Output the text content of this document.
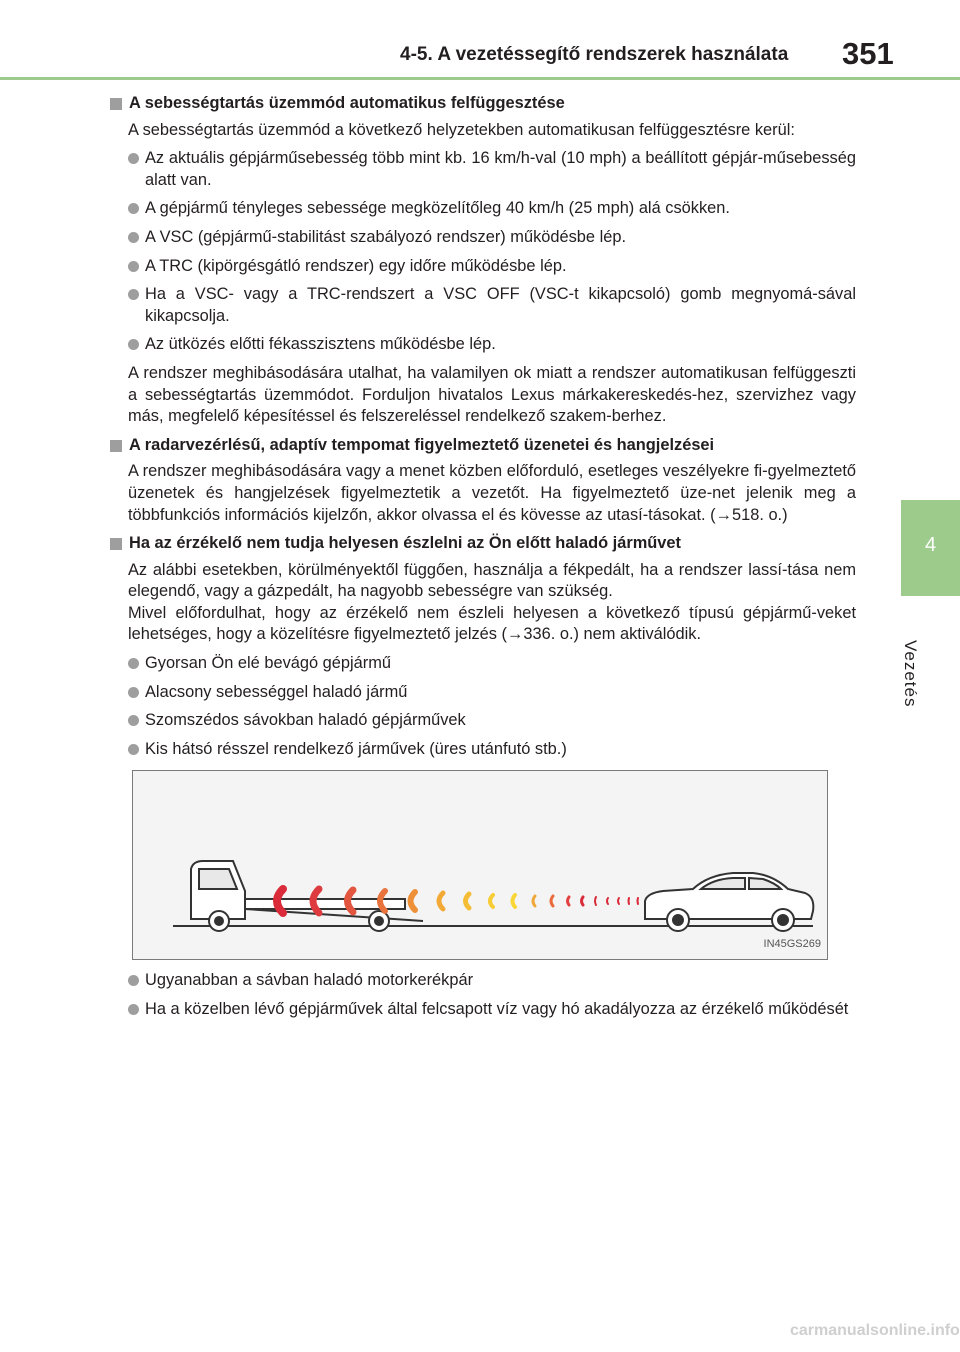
4-5. A vezetéssegítő rendszerek használata 351
4
Vezetés
A sebességtartás üzemmód automatikus felfüggesztése
A sebességtartás üzemmód a következő helyzetekben automatikusan felfüggesztésre kerül:
Az aktuális gépjárműsebesség több mint kb. 16 km/h-val (10 mph) a beállított gépjár-műsebesség alatt van.
A gépjármű tényleges sebessége megközelítőleg 40 km/h (25 mph) alá csökken.
A VSC (gépjármű-stabilitást szabályozó rendszer) működésbe lép.
A TRC (kipörgésgátló rendszer) egy időre működésbe lép.
Ha a VSC- vagy a TRC-rendszert a VSC OFF (VSC-t kikapcsoló) gomb megnyomá-sával kikapcsolja.
Az ütközés előtti fékasszisztens működésbe lép.
A rendszer meghibásodására utalhat, ha valamilyen ok miatt a rendszer automatikusan felfüggeszti a sebességtartás üzemmódot. Forduljon hivatalos Lexus márkakereskedés-hez, szervizhez vagy más, megfelelő képesítéssel és felszereléssel rendelkező szakem-berhez.
A radarvezérlésű, adaptív tempomat figyelmeztető üzenetei és hangjelzései
A rendszer meghibásodására vagy a menet közben előforduló, esetleges veszélyekre fi-gyelmeztető üzenetek és hangjelzések figyelmeztetik a vezetőt. Ha figyelmeztető üze-net jelenik meg a többfunkciós információs kijelzőn, akkor olvassa el és kövesse az utasí-tásokat. (→518. o.)
Ha az érzékelő nem tudja helyesen észlelni az Ön előtt haladó járművet
Az alábbi esetekben, körülményektől függően, használja a fékpedált, ha a rendszer lassí-tása nem elegendő, vagy a gázpedált, ha nagyobb sebességre van szükség.
Mivel előfordulhat, hogy az érzékelő nem észleli helyesen a következő típusú gépjármű-veket lehetséges, hogy a közelítésre figyelmeztető jelzés (→336. o.) nem aktiválódik.
Gyorsan Ön elé bevágó gépjármű
Alacsony sebességgel haladó jármű
Szomszédos sávokban haladó gépjárművek
Kis hátsó résszel rendelkező járművek (üres utánfutó stb.)
IN45GS269
Ugyanabban a sávban haladó motorkerékpár
Ha a közelben lévő gépjárművek által felcsapott víz vagy hó akadályozza az érzékelő működését
carmanualsonline.info
